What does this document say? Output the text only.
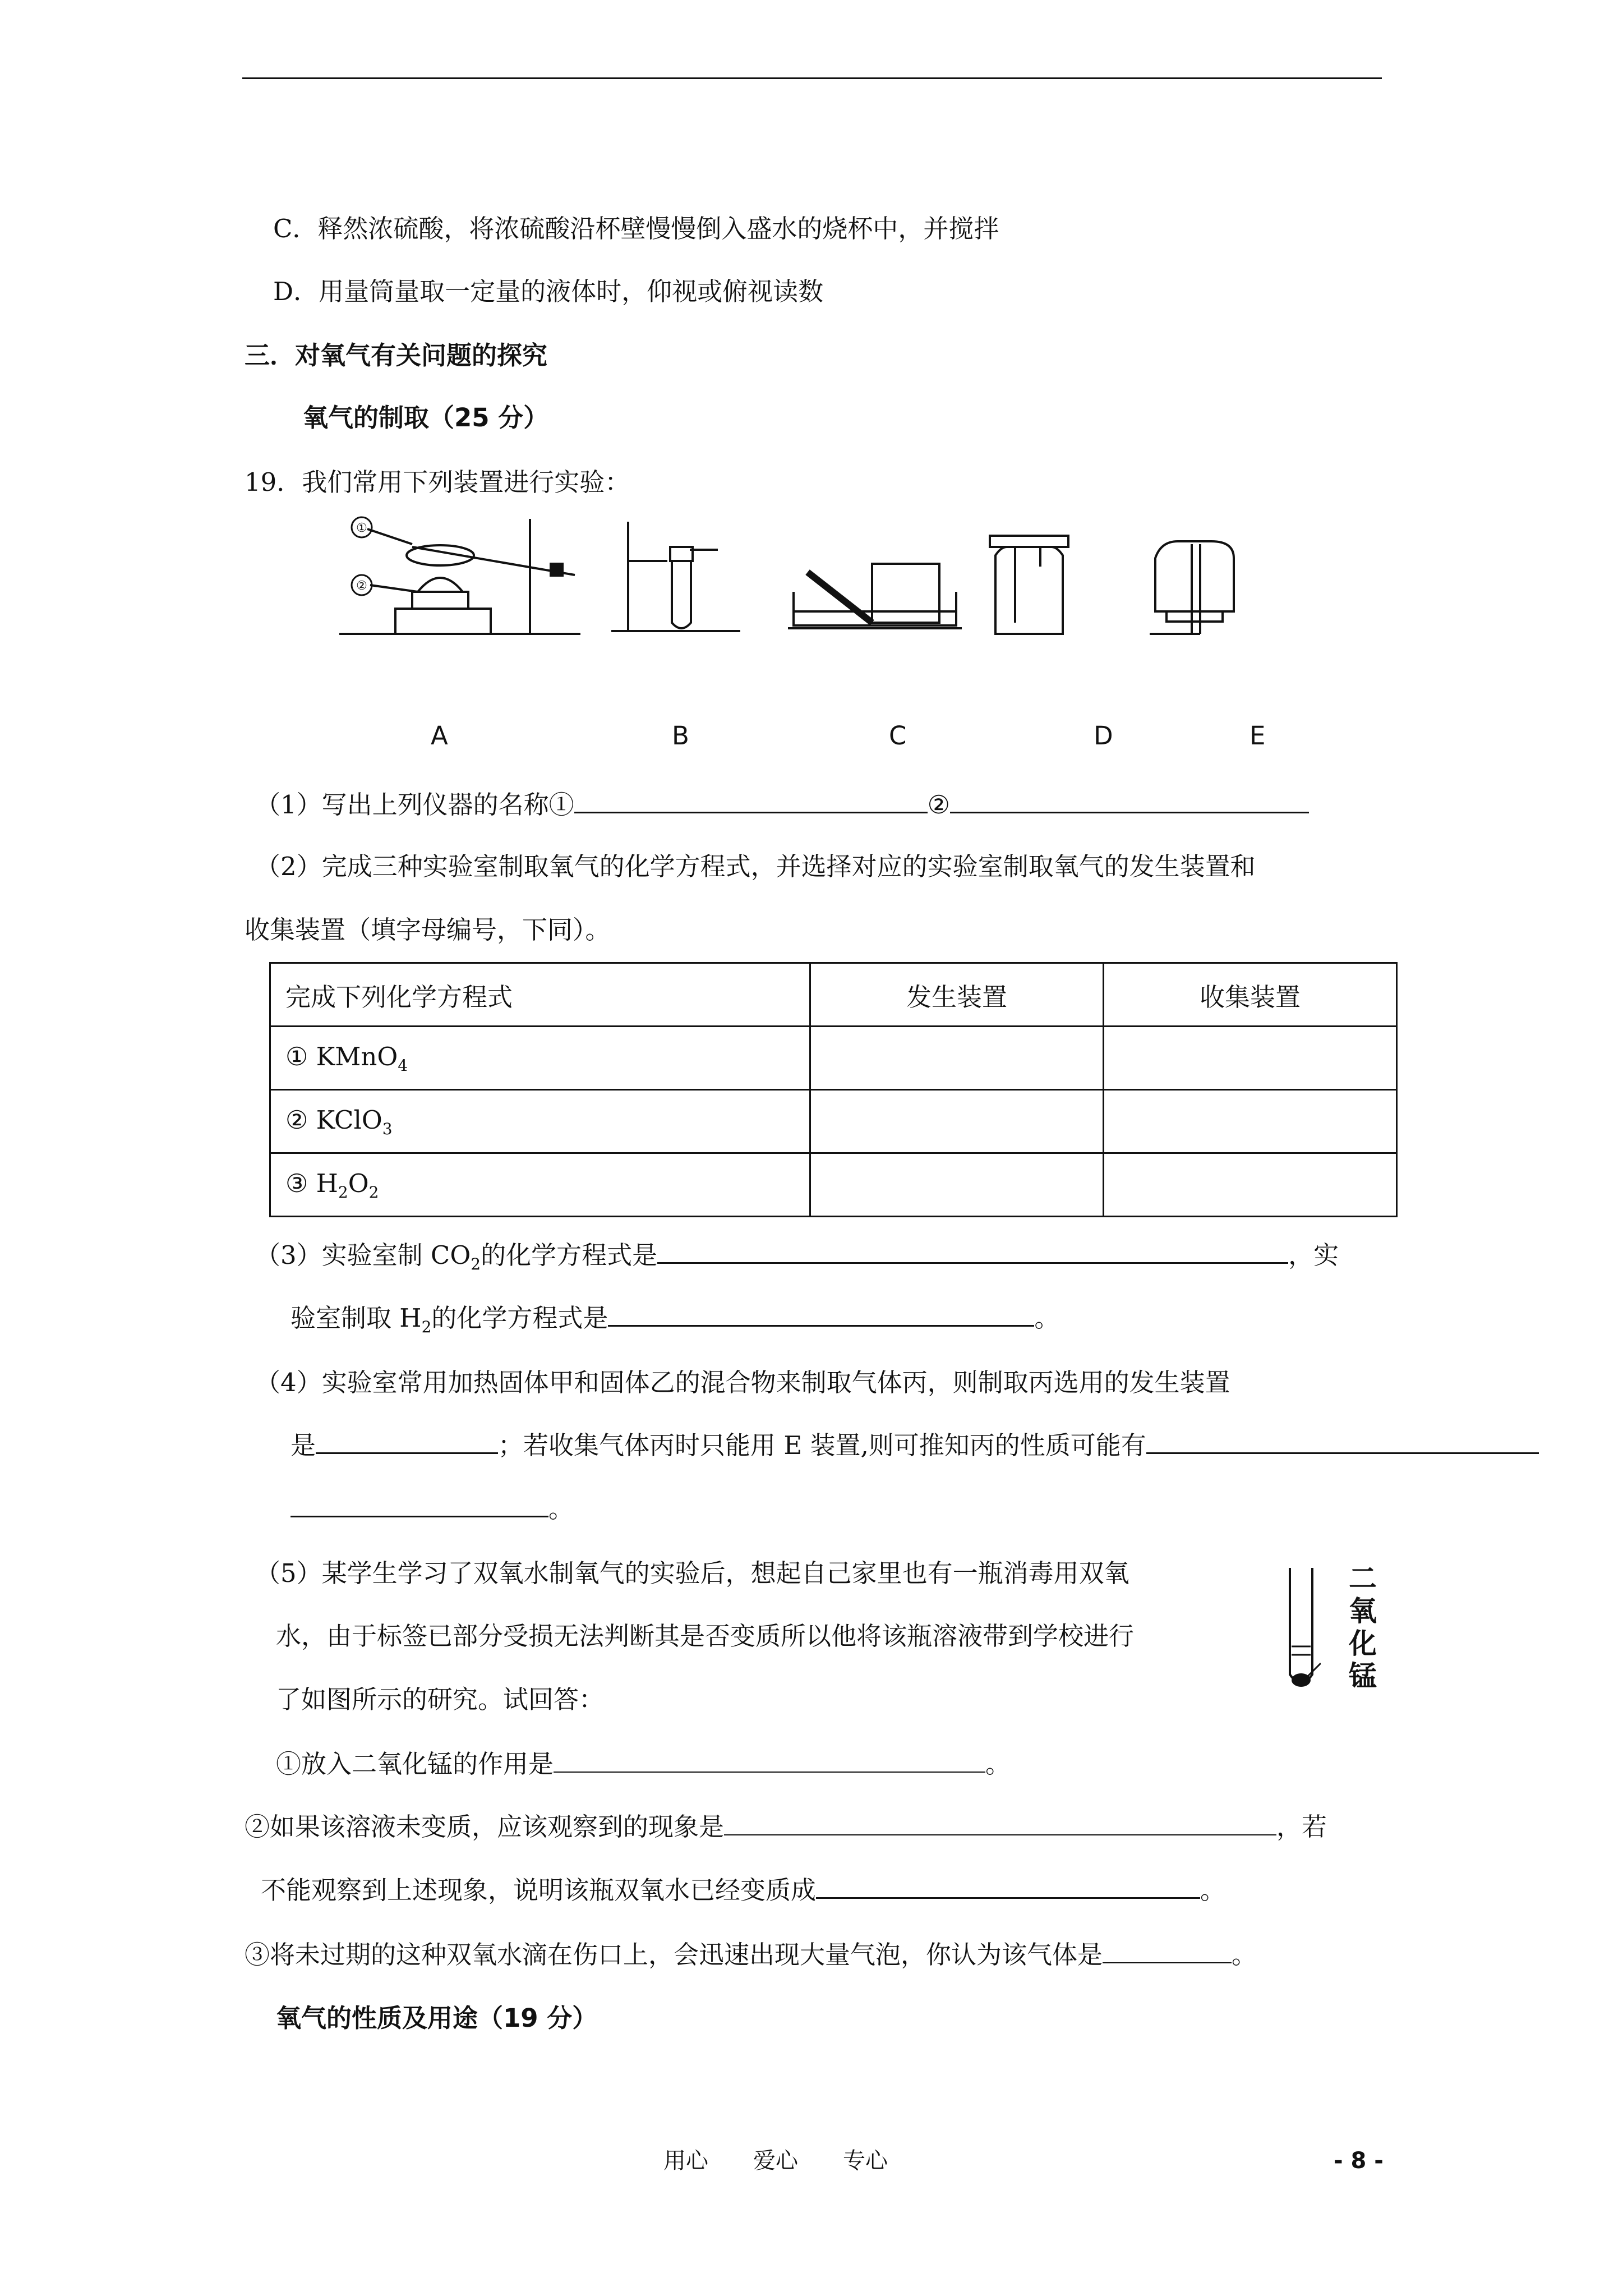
C．释然浓硫酸，将浓硫酸沿杯壁慢慢倒入盛水的烧杯中，并搅拌
D．用量筒量取一定量的液体时，仰视或俯视读数
三．对氧气有关问题的探究
氧气的制取（25 分）
19．我们常用下列装置进行实验：
①
②
A	B	C	D	E
（1）写出上列仪器的名称①	②
（2）完成三种实验室制取氧气的化学方程式，并选择对应的实验室制取氧气的发生装置和
收集装置（填字母编号，下同）。
完成下列化学方程式	发生装置	收集装置
① KMnO$_4$		
② KClO$_3$		
③ $H_2O_2$		
（3）实验室制 $CO_2$的化学方程式是	，实
验室制取 $H_2$的化学方程式是	。
（4）实验室常用加热固体甲和固体乙的混合物来制取气体丙，则制取丙选用的发生装置
是	；若收集气体丙时只能用 E 装置,则可推知丙的性质可能有
。
（5）某学生学习了双氧水制氧气的实验后，想起自己家里也有一瓶消毒用双氧
水，由于标签已部分受损无法判断其是否变质所以他将该瓶溶液带到学校进行
了如图所示的研究。试回答：
二氧化锰
①放入二氧化锰的作用是	。
②如果该溶液未变质，应该观察到的现象是	，若
不能观察到上述现象，说明该瓶双氧水已经变质成	。
③将未过期的这种双氧水滴在伤口上，会迅速出现大量气泡，你认为该气体是	。
氧气的性质及用途（19 分）
用心　　爱心　　专心	- 8 -
